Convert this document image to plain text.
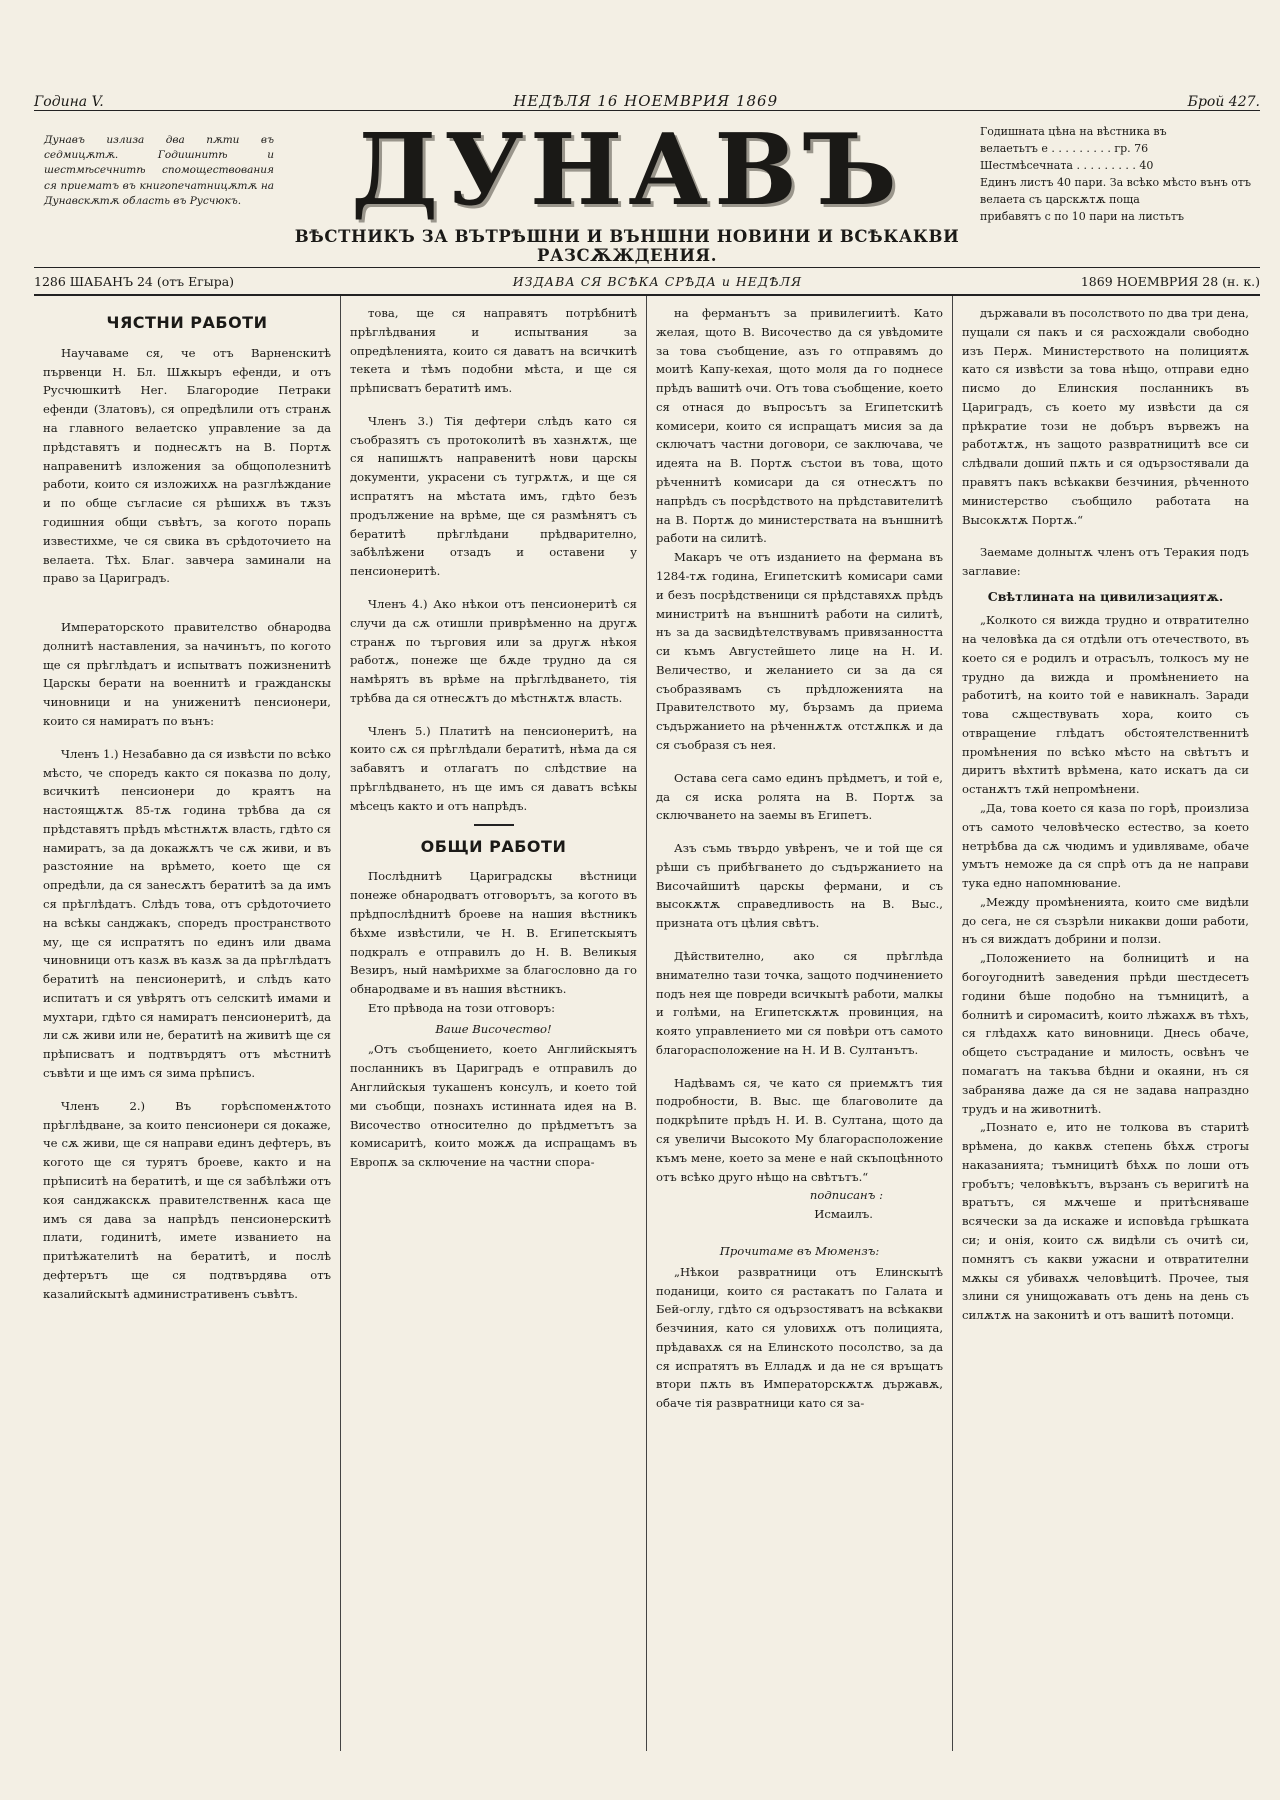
Година V.	НЕДѢЛЯ 16 НОЕМВРИЯ 1869	Брой 427.
Дунавъ излиза два пѫти въ седмицѫтѫ. Годишнитѣ и шестмѣсечнитѣ спомоществования ся приематъ въ книгопечатницѫтѫ на Дунавскѫтѫ область въ Русчюкъ.	ДУНАВЪ
ВѢСТНИКЪ ЗА ВЪТРѢШНИ И ВЪНШНИ НОВИНИ И ВСѢКАКВИ РАЗСѪЖДЕНИЯ.
Годишната цѣна на вѣстника въ
велаетьтъ е . . . . . . . . . гр. 76
Шестмѣсечната . . . . . . . . . 40
Единъ листъ 40 пари. За всѣко мѣсто вънъ отъ велаета съ царскѫтѫ поща
прибавятъ с по 10 пари на листьтъ
1286 ШАБАНЪ 24 (отъ Егыра)	ИЗДАВА СЯ ВСѢКА СРѢДА и НЕДѢЛЯ	1869 НОЕМВРИЯ 28 (н. к.)
ЧЯСТНИ РАБОТИ

Научаваме ся, че отъ Варненскитѣ първенци Н. Бл. Шѫкыръ ефенди, и отъ Русчюшкитѣ Нег. Благородие Петраки ефенди (Златовъ), ся опредѣлили отъ странѫ на главного велаетско управление за да прѣдставятъ и поднесѫтъ на В. Портѫ направенитѣ изложения за общополезнитѣ работи, които ся изложихѫ на разглѣждание и по обще съгласие ся рѣшихѫ въ тѫзъ годишния общи съвѣтъ, за когото порапь известихме, че ся свика въ срѣдоточието на велаета. Тѣх. Благ. завчера заминали на право за Цариградъ.

Императорското правителство обнародва долнитѣ наставления, за начинътъ, по когото ще ся прѣглѣдатъ и испытватъ пожизненитѣ Царскы берати на военнитѣ и гражданскы чиновници и на униженитѣ пенсионери, които ся намиратъ по вънъ:

Членъ 1.) Незабавно да ся извѣсти по всѣко мѣсто, че споредъ както ся показва по долу, всичкитѣ пенсионери до краятъ на настоящѫтѫ 85-тѫ година трѣбва да ся прѣдставятъ прѣдъ мѣстнѫтѫ власть, гдѣто ся намиратъ, за да докажѫтъ че сѫ живи, и въ разстояние на врѣмето, което ще ся опредѣли, да ся занесѫтъ бератитѣ за да имъ ся прѣглѣдатъ. Слѣдъ това, отъ срѣдоточието на всѣкы санджакъ, споредъ пространството му, ще ся испратятъ по единъ или двама чиновници отъ казѫ въ казѫ за да прѣглѣдатъ бератитѣ на пенсионеритѣ, и слѣдъ като испитатъ и ся увѣрятъ отъ селскитѣ имами и мухтари, гдѣто ся намиратъ пенсионеритѣ, да ли сѫ живи или не, бератитѣ на живитѣ ще ся прѣписватъ и подтвърдятъ отъ мѣстнитѣ съвѣти и ще имъ ся зима прѣписъ.

Членъ 2.) Въ горѣспоменѫтото прѣглѣдване, за които пенсионери ся докаже, че сѫ живи, ще ся направи единъ дефтеръ, въ когото ще ся турятъ броеве, както и на прѣписитѣ на бератитѣ, и ще ся забѣлѣжи отъ коя санджакскѫ правителственнѫ каса ще имъ ся дава за напрѣдъ пенсионерскитѣ плати, годинитѣ, имете изванието на притѣжателитѣ на бератитѣ, и послѣ дефтерътъ ще ся подтвърдява отъ казалийскытѣ административенъ съвѣтъ.

това, ще ся направятъ потрѣбнитѣ прѣглѣдвания и испытвания за опредѣленията, които ся даватъ на всичкитѣ текета и тѣмъ подобни мѣста, и ще ся прѣписватъ бератитѣ имъ.

Членъ 3.) Тія дефтери слѣдъ като ся съобразятъ съ протоколитѣ въ хазнѫтѫ, ще ся напишѫтъ направенитѣ нови царскы документи, украсени съ тугрѫтѫ, и ще ся испратятъ на мѣстата имъ, гдѣто безъ продължение на врѣме, ще ся размѣнятъ съ бератитѣ прѣглѣдани прѣдварително, забѣлѣжени отзадъ и оставени у пенсионеритѣ.

Членъ 4.) Ако нѣкои отъ пенсионеритѣ ся случи да сѫ отишли приврѣменно на другѫ странѫ по търговия или за другѫ нѣкоя работѫ, понеже ще бѫде трудно да ся намѣрятъ въ врѣме на прѣглѣдването, тія трѣбва да ся отнесѫтъ до мѣстнѫтѫ власть.

Членъ 5.) Платитѣ на пенсионеритѣ, на които сѫ ся прѣглѣдали бератитѣ, нѣма да ся забавятъ и отлагатъ по слѣдствие на прѣглѣдването, нъ ще имъ ся даватъ всѣкы мѣсецъ както и отъ напрѣдъ.

ОБЩИ РАБОТИ

Послѣднитѣ Цариградскы вѣстници понеже обнародватъ отговорътъ, за когото въ прѣдпослѣднитѣ броеве на нашия вѣстникъ бѣхме извѣстили, че Н. В. Египетскыятъ подкралъ е отправилъ до Н. В. Великыя Везиръ, ный намѣрихме за благословно да го обнародваме и въ нашия вѣстникъ.

Ето прѣвода на този отговоръ:

Ваше Височество!

„Отъ съобщението, което Английскыятъ посланникъ въ Цариградъ е отправилъ до Английскыя тукашенъ консулъ, и което той ми съобщи, познахъ истинната идея на В. Височество относително до прѣдметътъ за комисаритѣ, които можѫ да испращамъ въ Европѫ за сключение на частни спора-

на ферманътъ за привилегиитѣ. Като желая, щото В. Височество да ся увѣдомите за това съобщение, азъ го отправямъ до моитѣ Капу-кехая, щото моля да го поднесе прѣдъ вашитѣ очи. Отъ това съобщение, което ся отнася до въпросътъ за Египетскитѣ комисери, които ся испращатъ мисия за да сключатъ частни договори, се заключава, че идеята на В. Портѫ състои въ това, щото рѣченнитѣ комисари да ся отнесѫтъ по напрѣдъ съ посрѣдството на прѣдставителитѣ на В. Портѫ до министерствата на външнитѣ работи на силитѣ.

Макаръ че отъ изданието на фермана въ 1284-тѫ година, Египетскитѣ комисари сами и безъ посрѣдственици ся прѣдставяхѫ прѣдъ министритѣ на външнитѣ работи на силитѣ, нъ за да засвидѣтелствувамъ привязанността си къмъ Августейшето лице на Н. И. Величество, и желанието си за да ся съобразявамъ съ прѣдложенията на Правителството му, бързамъ да приема съдържанието на рѣченнѫтѫ отстѫпкѫ и да ся съобразя съ нея.

Остава сега само единъ прѣдметъ, и той е, да ся иска ролята на В. Портѫ за сключването на заемы въ Египетъ.

Азъ съмь твърдо увѣренъ, че и той ще ся рѣши съ прибѣгването до съдържанието на Височайшитѣ царскы фермани, и съ высокѫтѫ справедливость на В. Выс., призната отъ цѣлия свѣтъ.

Дѣйствително, ако ся прѣглѣда внимателно тази точка, защото подчинението подъ нея ще повреди всичкытѣ работи, малкы и голѣми, на Египетскѫтѫ провинция, на която управлението ми ся повѣри отъ самото благорасположение на Н. И В. Султанътъ.

Надѣвамъ ся, че като ся приемѫтъ тия подробности, В. Выс. ще благоволите да подкрѣпите прѣдъ Н. И. В. Султана, щото да ся увеличи Высокото Му благорасположение къмъ мене, което за мене е най скъпоцѣнното отъ всѣко друго нѣщо на свѣтътъ.“

подписанъ :
Исмаилъ.
Прочитаме въ Мюмензъ:

„Нѣкои развратници отъ Елинскытѣ поданици, които ся растакатъ по Галата и Бей-оглу, гдѣто ся одързостяватъ на всѣкакви безчиния, като ся уловихѫ отъ полицията, прѣдавахѫ ся на Елинското посолство, за да ся испратятъ въ Елладѫ и да не ся връщатъ втори пѫть въ Императорскѫтѫ държавѫ, обаче тія развратници като ся за-

държавали въ посолството по два три дена, пущали ся пакъ и ся расхождали свободно изъ Перѫ. Министерството на полициятѫ като ся извѣсти за това нѣщо, отправи едно писмо до Елинския посланникъ въ Цариградъ, съ което му извѣсти да ся прѣкратие този не добъръ вървежъ на работѫтѫ, нъ защото развратницитѣ все си слѣдвали доший пѫть и ся одързостявали да правятъ пакъ всѣкакви безчиния, рѣченното министерство съобщило работата на Высокѫтѫ Портѫ.“

Заемаме долнытѫ членъ отъ Теракия подъ заглавие:

Свѣтлината на цивилизациятѫ.

„Колкото ся вижда трудно и отвратително на человѣка да ся отдѣли отъ отечеството, въ което ся е родилъ и отрасълъ, толкосъ му не трудно да вижда и промѣнението на работитѣ, на които той е навикналъ. Заради това сѫществувать хора, които съ отвращение глѣдатъ обстоятелственнитѣ промѣнения по всѣко мѣсто на свѣтътъ и диритъ вѣхтитѣ врѣмена, като искатъ да си останѫтъ тѫй непромѣнени.

„Да, това което ся каза по горѣ, произлиза отъ самото человѣческо естество, за което нетрѣбва да сѫ чюдимъ и удивляваме, обаче умътъ неможе да ся спрѣ отъ да не направи тука едно напомнювание.

„Между промѣненията, които сме видѣли до сега, не ся съзрѣли никакви доши работи, нъ ся виждатъ добрини и ползи.

„Положението на болницитѣ и на богоугоднитѣ заведения прѣди шестдесетъ години бѣше подобно на тъмницитѣ, а болнитѣ и сиромаситѣ, които лѣжахѫ въ тѣхъ, ся глѣдахѫ като виновници. Днесь обаче, общето състрадание и милость, освѣнъ че помагатъ на такъва бѣдни и окаяни, нъ ся забранява даже да ся не задава напраздно трудъ и на животнитѣ.

„Познато е, ито не толкова въ старитѣ врѣмена, до каквѫ степень бѣхѫ строгы наказанията; тъмницитѣ бѣхѫ по лоши отъ гробътъ; человѣкътъ, вързанъ съ веригитѣ на вратътъ, ся мѫчеше и притѣсняваше всячески за да искаже и исповѣда грѣшката си; и онія, които сѫ видѣли съ очитѣ си, помнятъ съ какви ужасни и отвратителни мѫкы ся убивахѫ человѣцитѣ. Прочее, тыя злини ся унищожавать отъ день на день съ силѫтѫ на законитѣ и отъ вашитѣ потомци.
